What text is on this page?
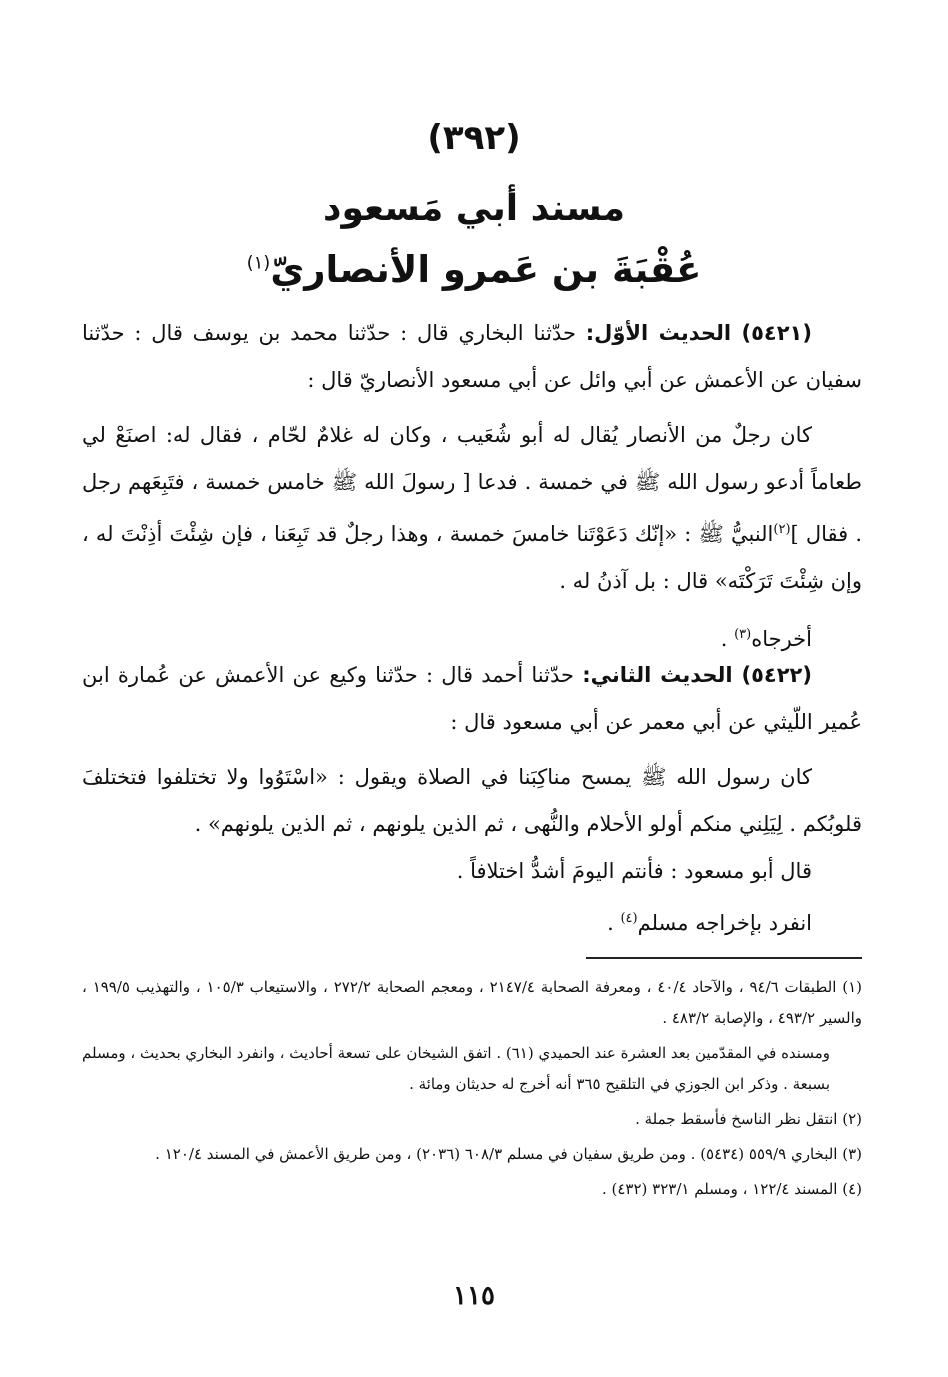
(٣٩٢)
مسند أبي مَسعود
عُقْبَةَ بن عَمرو الأنصاريّ$^{(١)}$

(٥٤٢١) الحديث الأوّل: حدّثنا البخاري قال : حدّثنا محمد بن يوسف قال : حدّثنا سفيان عن الأعمش عن أبي وائل عن أبي مسعود الأنصاريّ قال :

كان رجلٌ من الأنصار يُقال له أبو شُعَيب ، وكان له غلامٌ لحّام ، فقال له: اصنَعْ لي طعاماً أدعو رسول الله ﷺ في خمسة . فدعا [ رسولَ الله ﷺ خامس خمسة ، فتَبِعَهم رجل . فقال ]$^{(٢)}$النبيُّ ﷺ : «إنّك دَعَوْتَنا خامسَ خمسة ، وهذا رجلٌ قد تَبِعَنا ، فإن شِئْتَ أذِنْتَ له ، وإن شِئْتَ تَرَكْتَه» قال : بل آذنُ له .

أخرجاه$^{(٣)}$ .

(٥٤٢٢) الحديث الثاني: حدّثنا أحمد قال : حدّثنا وكيع عن الأعمش عن عُمارة ابن عُمير اللّيثي عن أبي معمر عن أبي مسعود قال :

كان رسول الله ﷺ يمسح مناكِبَنا في الصلاة ويقول : «اسْتَوُوا ولا تختلفوا فتختلفَ قلوبُكم . لِيَلِني منكم أولو الأحلام والنُّهى ، ثم الذين يلونهم ، ثم الذين يلونهم» .

قال أبو مسعود : فأنتم اليومَ أشدُّ اختلافاً .

انفرد بإخراجه مسلم$^{(٤)}$ .

(١) الطبقات ٩٤/٦ ، والآحاد ٤٠/٤ ، ومعرفة الصحابة ٢١٤٧/٤ ، ومعجم الصحابة ٢٧٢/٢ ، والاستيعاب ١٠٥/٣ ، والتهذيب ١٩٩/٥ ، والسير ٤٩٣/٢ ، والإصابة ٤٨٣/٢ .

ومسنده في المقدّمين بعد العشرة عند الحميدي (٦١) . اتفق الشيخان على تسعة أحاديث ، وانفرد البخاري بحديث ، ومسلم بسبعة . وذكر ابن الجوزي في التلقيح ٣٦٥ أنه أخرج له حديثان ومائة .

(٢) انتقل نظر الناسخ فأسقط جملة .

(٣) البخاري ٥٥٩/٩ (٥٤٣٤) . ومن طريق سفيان في مسلم ٦٠٨/٣ (٢٠٣٦) ، ومن طريق الأعمش في المسند ١٢٠/٤ .

(٤) المسند ١٢٢/٤ ، ومسلم ٣٢٣/١ (٤٣٢) .

١١٥
